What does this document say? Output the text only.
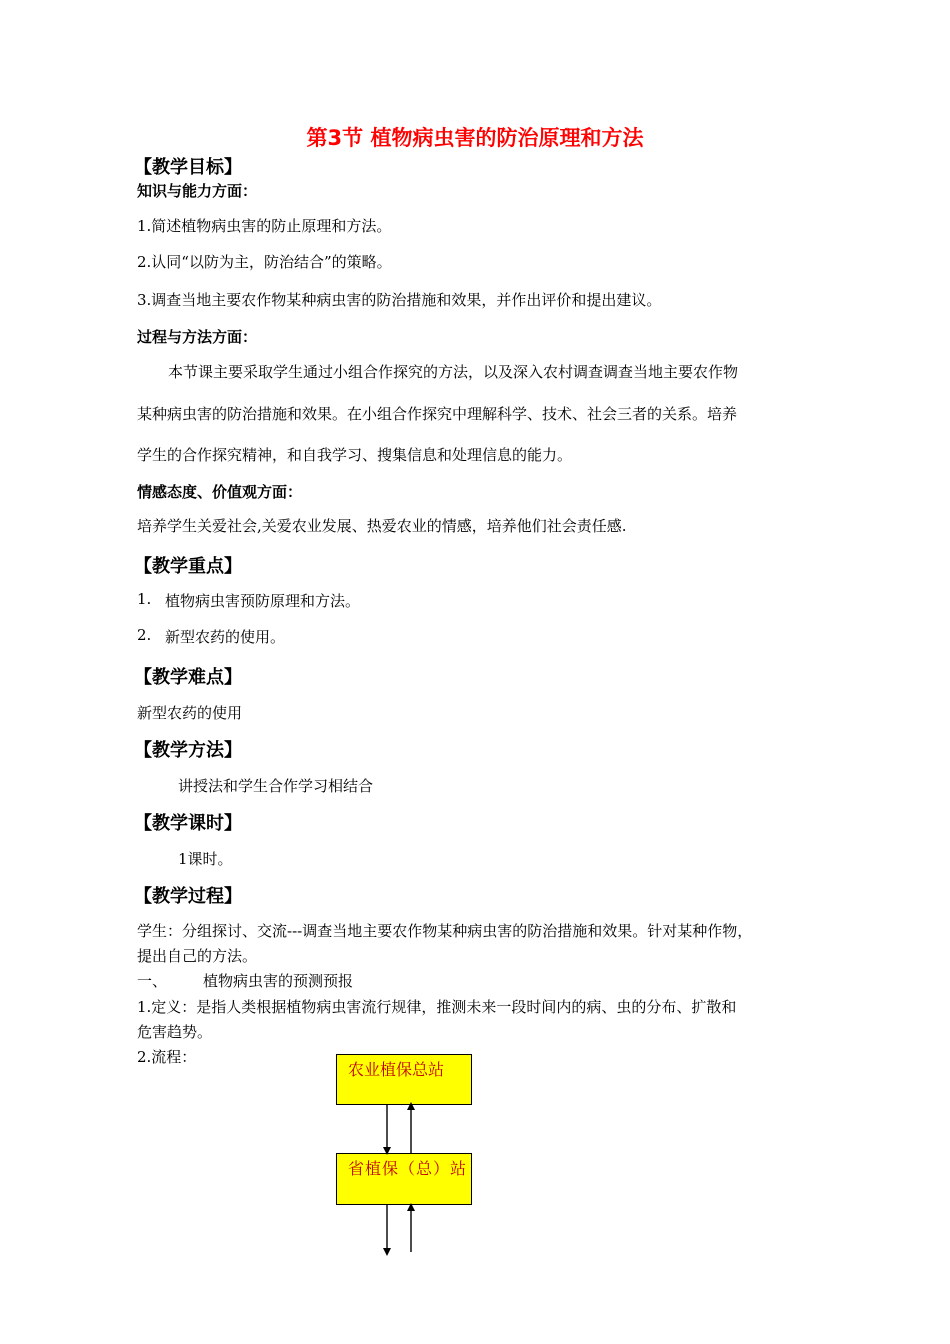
第3节 植物病虫害的防治原理和方法
【教学目标】
知识与能力方面：
1.简述植物病虫害的防止原理和方法。
2.认同“以防为主，防治结合”的策略。
3.调查当地主要农作物某种病虫害的防治措施和效果，并作出评价和提出建议。
过程与方法方面：
本节课主要采取学生通过小组合作探究的方法，以及深入农村调查调查当地主要农作物
某种病虫害的防治措施和效果。在小组合作探究中理解科学、技术、社会三者的关系。培养
学生的合作探究精神，和自我学习、搜集信息和处理信息的能力。
情感态度、价值观方面：
培养学生关爱社会,关爱农业发展、热爱农业的情感，培养他们社会责任感.
【教学重点】
1. 植物病虫害预防原理和方法。
2. 新型农药的使用。
【教学难点】
新型农药的使用
【教学方法】
讲授法和学生合作学习相结合
【教学课时】
1课时。
【教学过程】
学生：分组探讨、交流---调查当地主要农作物某种病虫害的防治措施和效果。针对某种作物，
提出自己的方法。
一、 植物病虫害的预测预报
1.定义：是指人类根据植物病虫害流行规律，推测未来一段时间内的病、虫的分布、扩散和
危害趋势。
2.流程：
农业植保总站
省植保（总）站
